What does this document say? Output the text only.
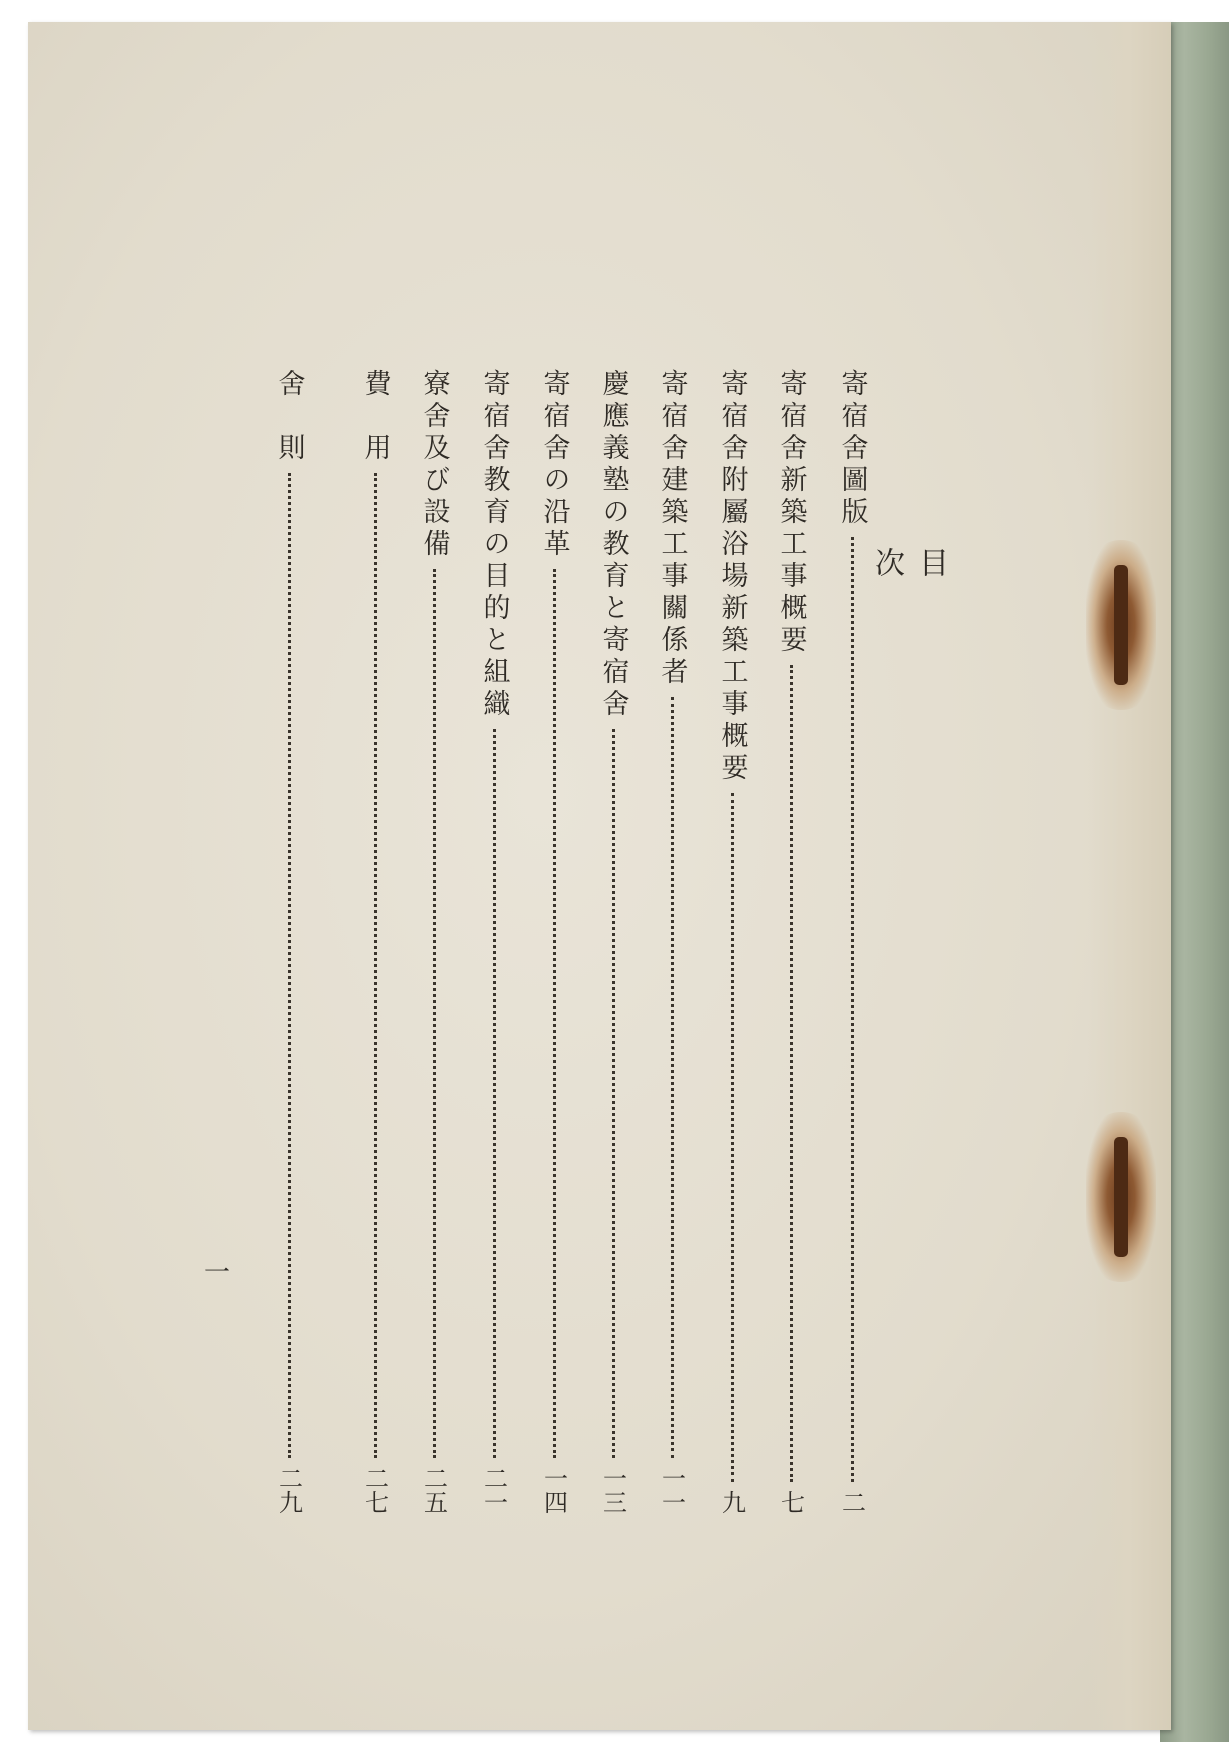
目　次
寄宿舍圖版
二
寄宿舍新築工事概要
七
寄宿舍附屬浴場新築工事概要
九
寄宿舍建築工事關係者
一一
慶應義塾の教育と寄宿舍
一三
寄宿舍の沿革
一四
寄宿舍教育の目的と組織
二一
寮舍及び設備
二五
費　用
二七
舍　則
二九
一
